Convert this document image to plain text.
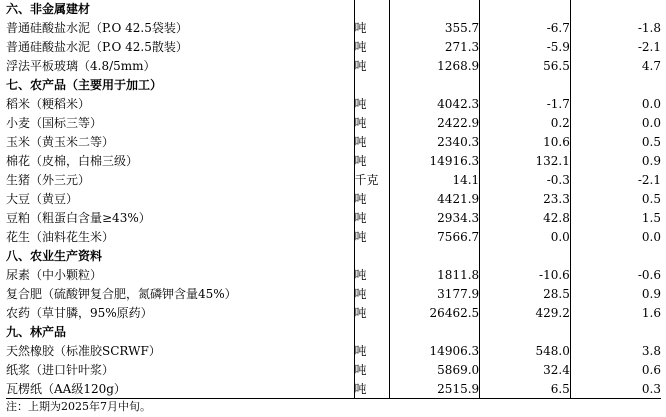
六、非金属建材				
普通硅酸盐水泥（P.O 42.5袋装）	吨	355.7	-6.7	-1.8
普通硅酸盐水泥（P.O 42.5散装）	吨	271.3	-5.9	-2.1
浮法平板玻璃（4.8/5mm）	吨	1268.9	56.5	4.7
七、农产品（主要用于加工）				
稻米（粳稻米）	吨	4042.3	-1.7	0.0
小麦（国标三等）	吨	2422.9	0.2	0.0
玉米（黄玉米二等）	吨	2340.3	10.6	0.5
棉花（皮棉，白棉三级）	吨	14916.3	132.1	0.9
生猪（外三元）	千克	14.1	-0.3	-2.1
大豆（黄豆）	吨	4421.9	23.3	0.5
豆粕（粗蛋白含量≥43%）	吨	2934.3	42.8	1.5
花生（油料花生米）	吨	7566.7	0.0	0.0
八、农业生产资料				
尿素（中小颗粒）	吨	1811.8	-10.6	-0.6
复合肥（硫酸钾复合肥，氮磷钾含量45%）	吨	3177.9	28.5	0.9
农药（草甘膦，95%原药）	吨	26462.5	429.2	1.6
九、林产品				
天然橡胶（标准胶SCRWF）	吨	14906.3	548.0	3.8
纸浆（进口针叶浆）	吨	5869.0	32.4	0.6
瓦楞纸（AA级120g）	吨	2515.9	6.5	0.3
注：上期为2025年7月中旬。
